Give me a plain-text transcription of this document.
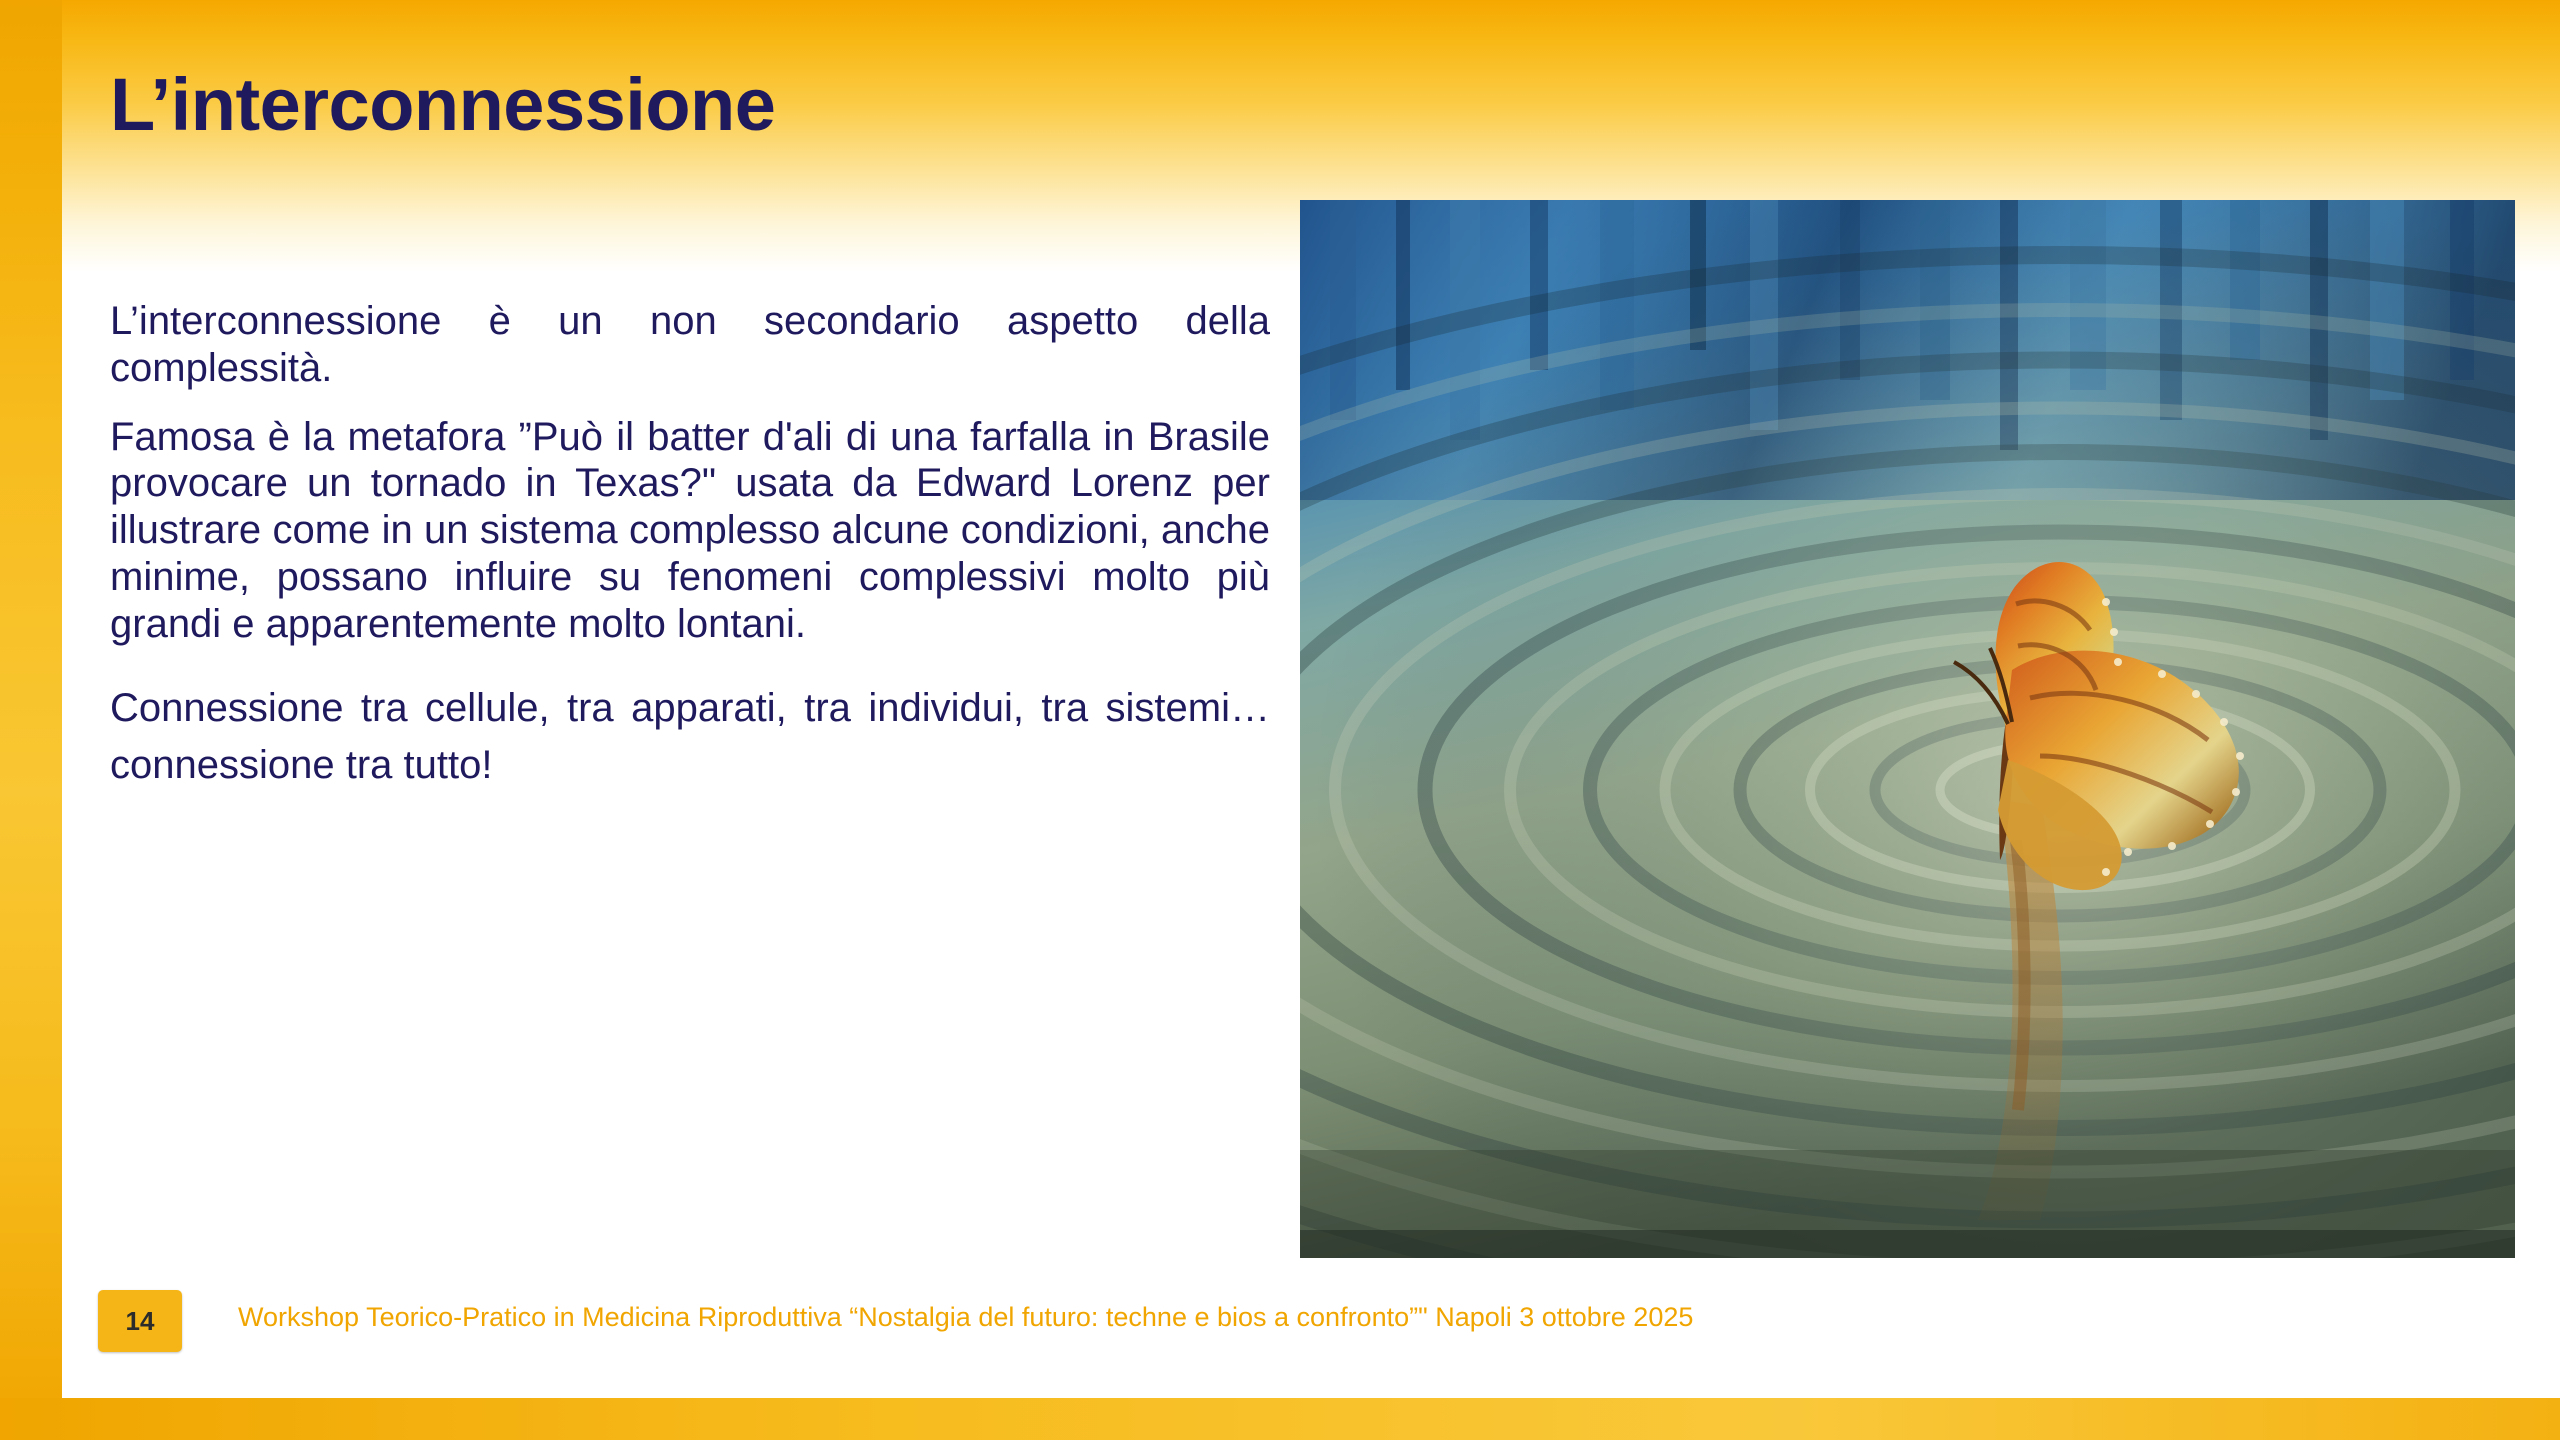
L’interconnessione

L’interconnessione è un non secondario aspetto della complessità.

Famosa è la metafora ”Può il batter d'ali di una farfalla in Brasile provocare un tornado in Texas?" usata da Edward Lorenz per illustrare come in un sistema complesso alcune condizioni, anche minime, possano influire su fenomeni complessivi molto più grandi e apparentemente molto lontani.

Connessione tra cellule, tra apparati, tra individui, tra sistemi…connessione tra tutto!

14	Workshop Teorico-Pratico in Medicina Riproduttiva “Nostalgia del futuro: techne e bios a confronto”" Napoli 3 ottobre 2025
